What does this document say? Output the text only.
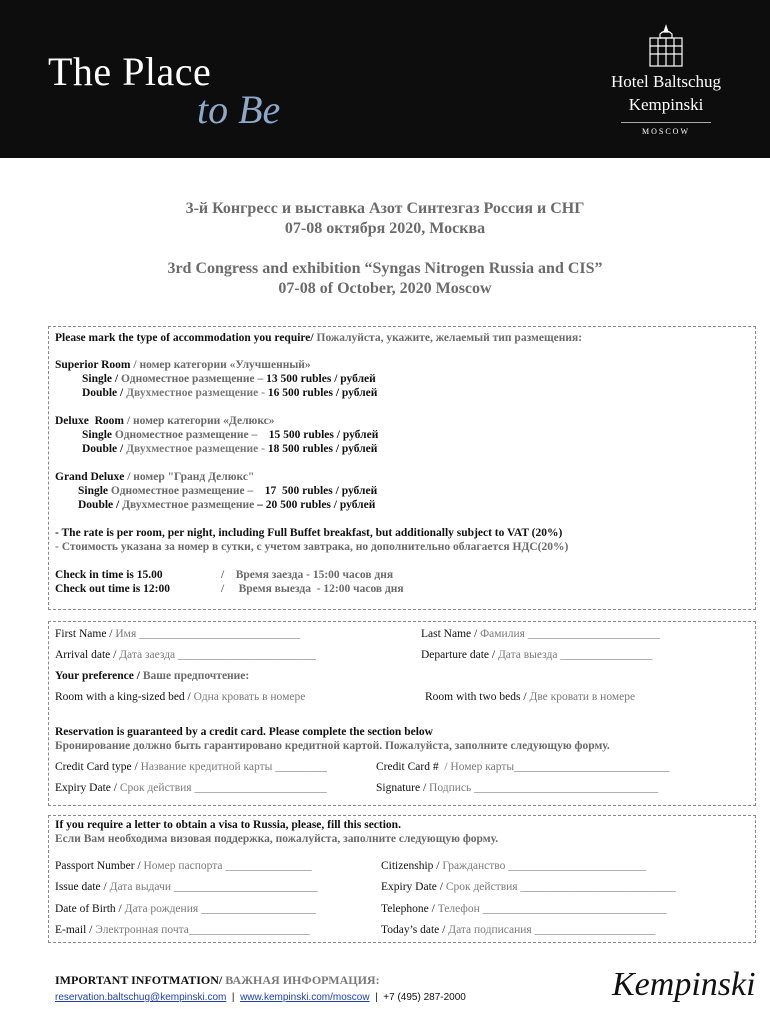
The Place
to Be
Hotel Baltschug
Kempinski
MOSCOW
3-й Конгресс и выставка Азот Синтезгаз Россия и СНГ
07-08 октября 2020, Москва
3rd Congress and exhibition “Syngas Nitrogen Russia and CIS”
07-08 of October, 2020 Moscow
Please mark the type of accommodation you require/ Пожалуйста, укажите, желаемый тип размещения:
Superior Room / номер категории «Улучшенный»
Single / Одноместное размещение – 13 500 rubles / рублей
Double / Двухместное размещение - 16 500 rubles / рублей
Deluxe  Room / номер категории «Делюкс»
Single Одноместное размещение –    15 500 rubles / рублей
Double / Двухместное размещение - 18 500 rubles / рублей
Grand Deluxe / номер "Гранд Делюкс"
Single Одноместное размещение –    17  500 rubles / рублей
Double / Двухместное размещение – 20 500 rubles / рублей
- The rate is per room, per night, including Full Buffet breakfast, but additionally subject to VAT (20%)
- Стоимость указана за номер в сутки, с учетом завтрака, но дополнительно облагается НДС(20%)
Check in time is 15.00	/    Время заезда - 15:00 часов дня
Check out time is 12:00	/     Время выезда  - 12:00 часов дня
First Name / Имя ____________________________	Last Name / Фамилия _______________________
Arrival date / Дата заезда ________________________	Departure date / Дата выезда ________________
Your preference / Ваше предпочтение:
Room with a king-sized bed / Одна кровать в номере	Room with two beds / Две кровати в номере
Reservation is guaranteed by a credit card. Please complete the section below
Бронирование должно быть гарантировано кредитной картой. Пожалуйста, заполните следующую форму.
Credit Card type / Название кредитной карты _________	Credit Card #  / Номер карты___________________________
Expiry Date / Срок действия _______________________	Signature / Подпись ________________________________
If you require a letter to obtain a visa to Russia, please, fill this section.
Если Вам необходима визовая поддержка, пожалуйста, заполните следующую форму.
Passport Number / Номер паспорта _______________	Citizenship / Гражданство ________________________
Issue date / Дата выдачи _________________________	Expiry Date / Срок действия ___________________________
Date of Birth / Дата рождения ____________________	Telephone / Телефон ________________________________
E-mail / Электронная почта_____________________	Today’s date / Дата подписания _____________________
IMPORTANT INFOTMATION/ ВАЖНАЯ ИНФОРМАЦИЯ:
reservation.baltschug@kempinski.com  |  www.kempinski.com/moscow  |  +7 (495) 287-2000	Kempinski
